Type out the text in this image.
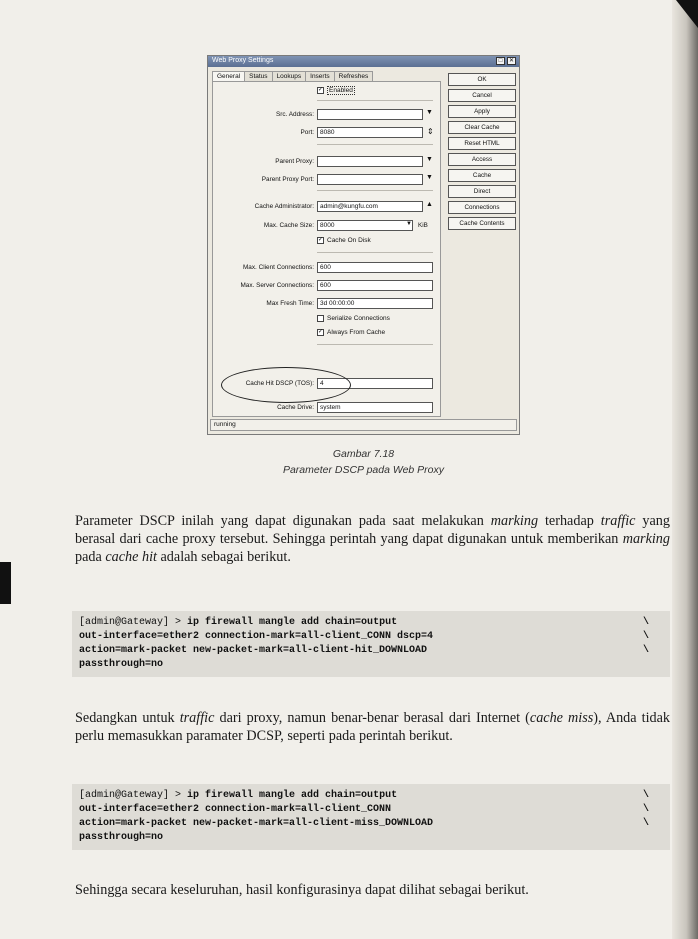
Web Proxy Settings	□	✕
General	Status	Lookups	Inserts	Refreshes
✓ Enabled
Src. Address:	▼
Port: 8080	⇕
Parent Proxy:	▼
Parent Proxy Port:	▼
Cache Administrator: admin@kungfu.com	▲
Max. Cache Size: 8000	▼ KiB
✓ Cache On Disk
Max. Client Connections: 600
Max. Server Connections: 600
Max Fresh Time: 3d 00:00:00
Serialize Connections
✓ Always From Cache
Cache Hit DSCP (TOS): 4
Cache Drive: system
OK
Cancel
Apply
Clear Cache
Reset HTML
Access
Cache
Direct
Connections
Cache Contents
running
Gambar 7.18
Parameter DSCP pada Web Proxy
Parameter DSCP inilah yang dapat digunakan pada saat melakukan marking terhadap traffic yang berasal dari cache proxy tersebut. Sehingga perintah yang dapat digunakan untuk memberikan marking pada cache hit adalah sebagai berikut.
[admin@Gateway] > ip firewall mangle add chain=output	\
out-interface=ether2 connection-mark=all-client_CONN dscp=4	\
action=mark-packet new-packet-mark=all-client-hit_DOWNLOAD	\
passthrough=no
Sedangkan untuk traffic dari proxy, namun benar-benar berasal dari Internet (cache miss), Anda tidak perlu memasukkan paramater DCSP, seperti pada perintah berikut.
[admin@Gateway] > ip firewall mangle add chain=output	\
out-interface=ether2 connection-mark=all-client_CONN	\
action=mark-packet new-packet-mark=all-client-miss_DOWNLOAD	\
passthrough=no
Sehingga secara keseluruhan, hasil konfigurasinya dapat dilihat sebagai berikut.
